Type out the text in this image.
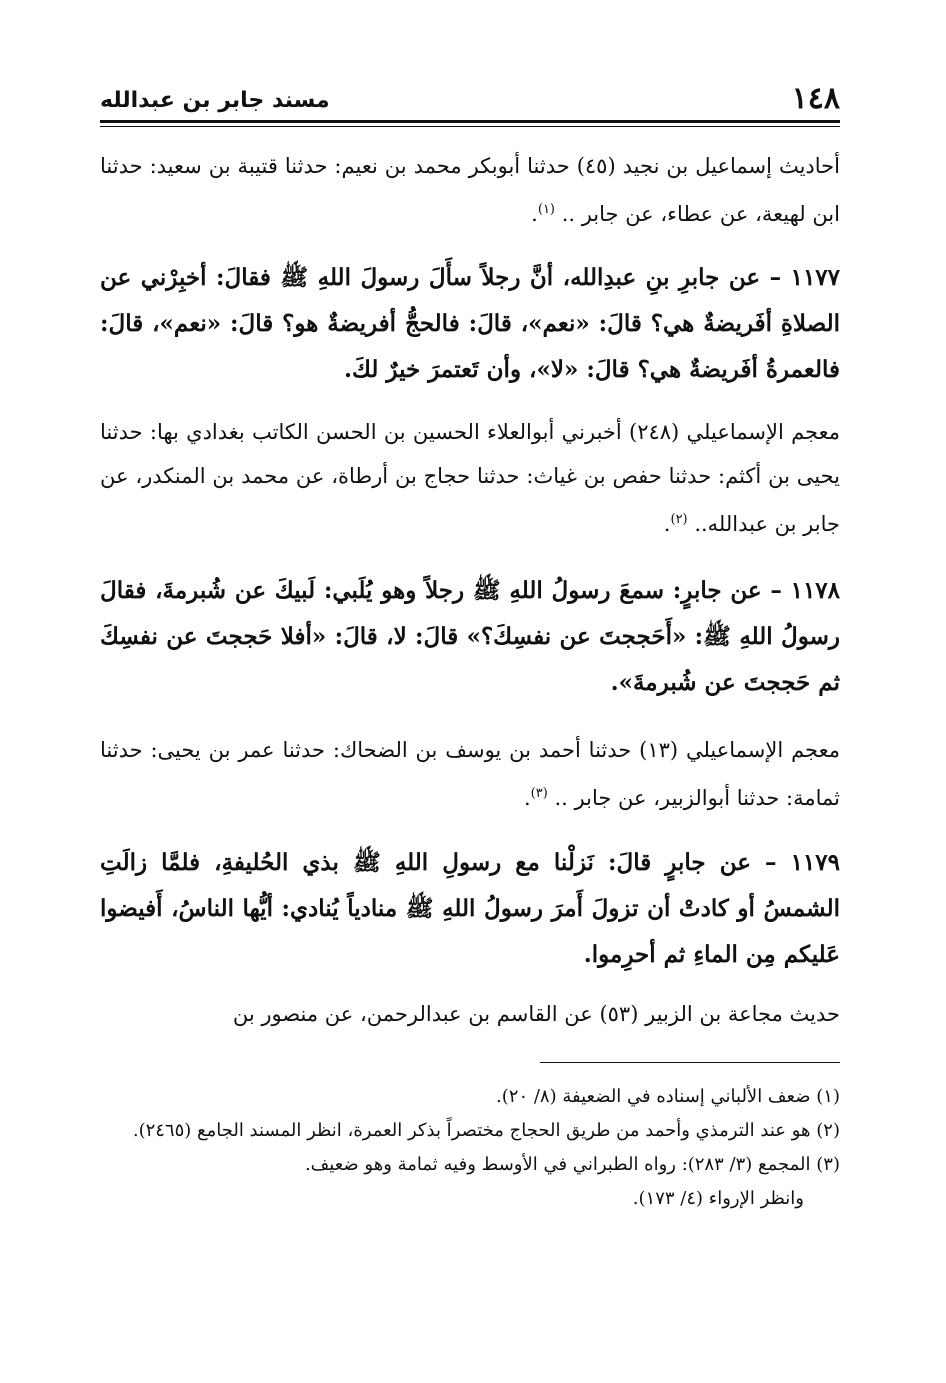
١٤٨
مسند جابر بن عبدالله

أحاديث إسماعيل بن نجيد (٤٥) حدثنا أبوبكر محمد بن نعيم: حدثنا قتيبة بن سعيد: حدثنا ابن لهيعة، عن عطاء، عن جابر .. $^{(١)}$.

١١٧٧ – عن جابرِ بنِ عبدِالله، أنَّ رجلاً سأَلَ رسولَ اللهِ ﷺ فقالَ: أخبِرْني عن الصلاةِ أفَريضةٌ هي؟ قالَ: «نعم»، قالَ: فالحجُّ أفريضةٌ هو؟ قالَ: «نعم»، قالَ: فالعمرةُ أفَريضةٌ هي؟ قالَ: «لا»، وأن تَعتمرَ خيرٌ لكَ.

معجم الإسماعيلي (٢٤٨) أخبرني أبوالعلاء الحسين بن الحسن الكاتب بغدادي بها: حدثنا يحيى بن أكثم: حدثنا حفص بن غياث: حدثنا حجاج بن أرطاة، عن محمد بن المنكدر، عن جابر بن عبدالله.. $^{(٢)}$.

١١٧٨ – عن جابرٍ: سمعَ رسولُ اللهِ ﷺ رجلاً وهو يُلَبي: لَبيكَ عن شُبرمةَ، فقالَ رسولُ اللهِ ﷺ: «أَحَججتَ عن نفسِكَ؟» قالَ: لا، قالَ: «أفلا حَججتَ عن نفسِكَ ثم حَججتَ عن شُبرمةَ».

معجم الإسماعيلي (١٣) حدثنا أحمد بن يوسف بن الضحاك: حدثنا عمر بن يحيى: حدثنا ثمامة: حدثنا أبوالزبير، عن جابر .. $^{(٣)}$.

١١٧٩ – عن جابرٍ قالَ: نَزلْنا مع رسولِ اللهِ ﷺ بذي الحُليفةِ، فلمَّا زالَتِ الشمسُ أو كادتْ أن تزولَ أَمرَ رسولُ اللهِ ﷺ منادياً يُنادي: أيُّها الناسُ، أَفيضوا عَليكم مِن الماءِ ثم أحرِموا.

حديث مجاعة بن الزبير (٥٣) عن القاسم بن عبدالرحمن، عن منصور بن

(١) ضعف الألباني إسناده في الضعيفة (٨/ ٢٠).

(٢) هو عند الترمذي وأحمد من طريق الحجاج مختصراً بذكر العمرة، انظر المسند الجامع (٢٤٦٥).

(٣) المجمع (٣/ ٢٨٣): رواه الطبراني في الأوسط وفيه ثمامة وهو ضعيف.

وانظر الإرواء (٤/ ١٧٣).
